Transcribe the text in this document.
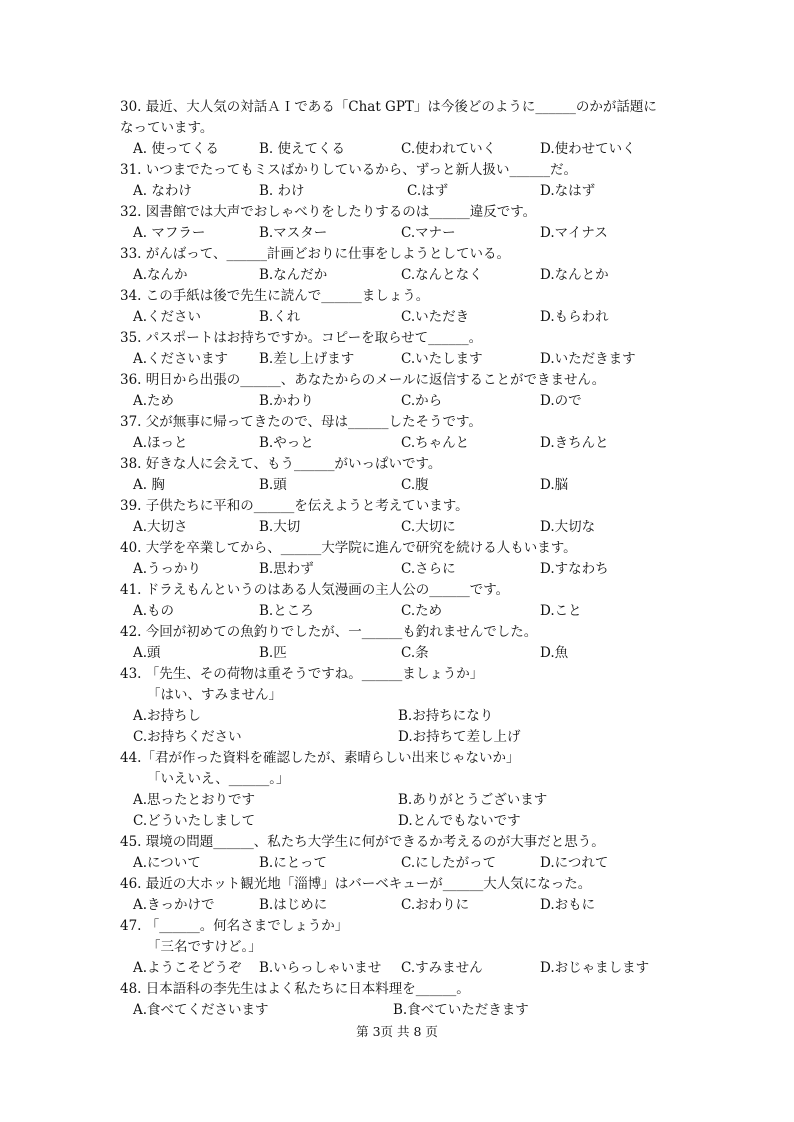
30. 最近、大人気の対話ＡＩである「Chat GPT」は今後どのように______のかが話題に
なっています。
A. 使ってくる	B. 使えてくる	C.使われていく	D.使わせていく
31. いつまでたってもミスばかりしているから、ずっと新人扱い______だ。
A. なわけ	B. わけ	C.はず	D.なはず
32. 図書館では大声でおしゃべりをしたりするのは______違反です。
A. マフラー	B.マスター	C.マナー	D.マイナス
33. がんばって、______計画どおりに仕事をしようとしている。
A.なんか	B.なんだか	C.なんとなく	D.なんとか
34. この手紙は後で先生に読んで______ましょう。
A.ください	B.くれ	C.いただき	D.もらわれ
35. パスポートはお持ちですか。コピーを取らせて______。
A.くださいます B.差し上げます	C.いたします	D.いただきます
36. 明日から出張の______、あなたからのメールに返信することができません。
A.ため	B.かわり	C.から	D.ので
37. 父が無事に帰ってきたので、母は______したそうです。
A.ほっと	B.やっと	C.ちゃんと	D.きちんと
38. 好きな人に会えて、もう______がいっぱいです。
A. 胸	B.頭	C.腹	D.脳
39. 子供たちに平和の______を伝えようと考えています。
A.大切さ	B.大切	C.大切に	D.大切な
40. 大学を卒業してから、______大学院に進んで研究を続ける人もいます。
A.うっかり	B.思わず	C.さらに	D.すなわち
41. ドラえもんというのはある人気漫画の主人公の______です。
A.もの	B.ところ	C.ため	D.こと
42. 今回が初めての魚釣りでしたが、一______も釣れませんでした。
A.頭	B.匹	C.条	D.魚
43. 「先生、その荷物は重そうですね。______ましょうか」
「はい、すみません」
A.お持ちし	B.お持ちになり
C.お持ちください	D.お持ちて差し上げ
44.「君が作った資料を確認したが、素晴らしい出来じゃないか」
「いえいえ、______。」
A.思ったとおりです	B.ありがとうございます
C.どういたしまして	D.とんでもないです
45. 環境の問題______、私たち大学生に何ができるか考えるのが大事だと思う。
A.について	B.にとって	C.にしたがって	D.につれて
46. 最近の大ホット観光地「淄博」はバーベキューが______大人気になった。
A.きっかけで	B.はじめに	C.おわりに	D.おもに
47. 「______。何名さまでしょうか」
「三名ですけど。」
A.ようこそどうぞ B.いらっしゃいませ C.すみません	D.おじゃまします
48. 日本語科の李先生はよく私たちに日本料理を______。
A.食べてくださいます	B.食べていただきます
第 3页 共 8 页
